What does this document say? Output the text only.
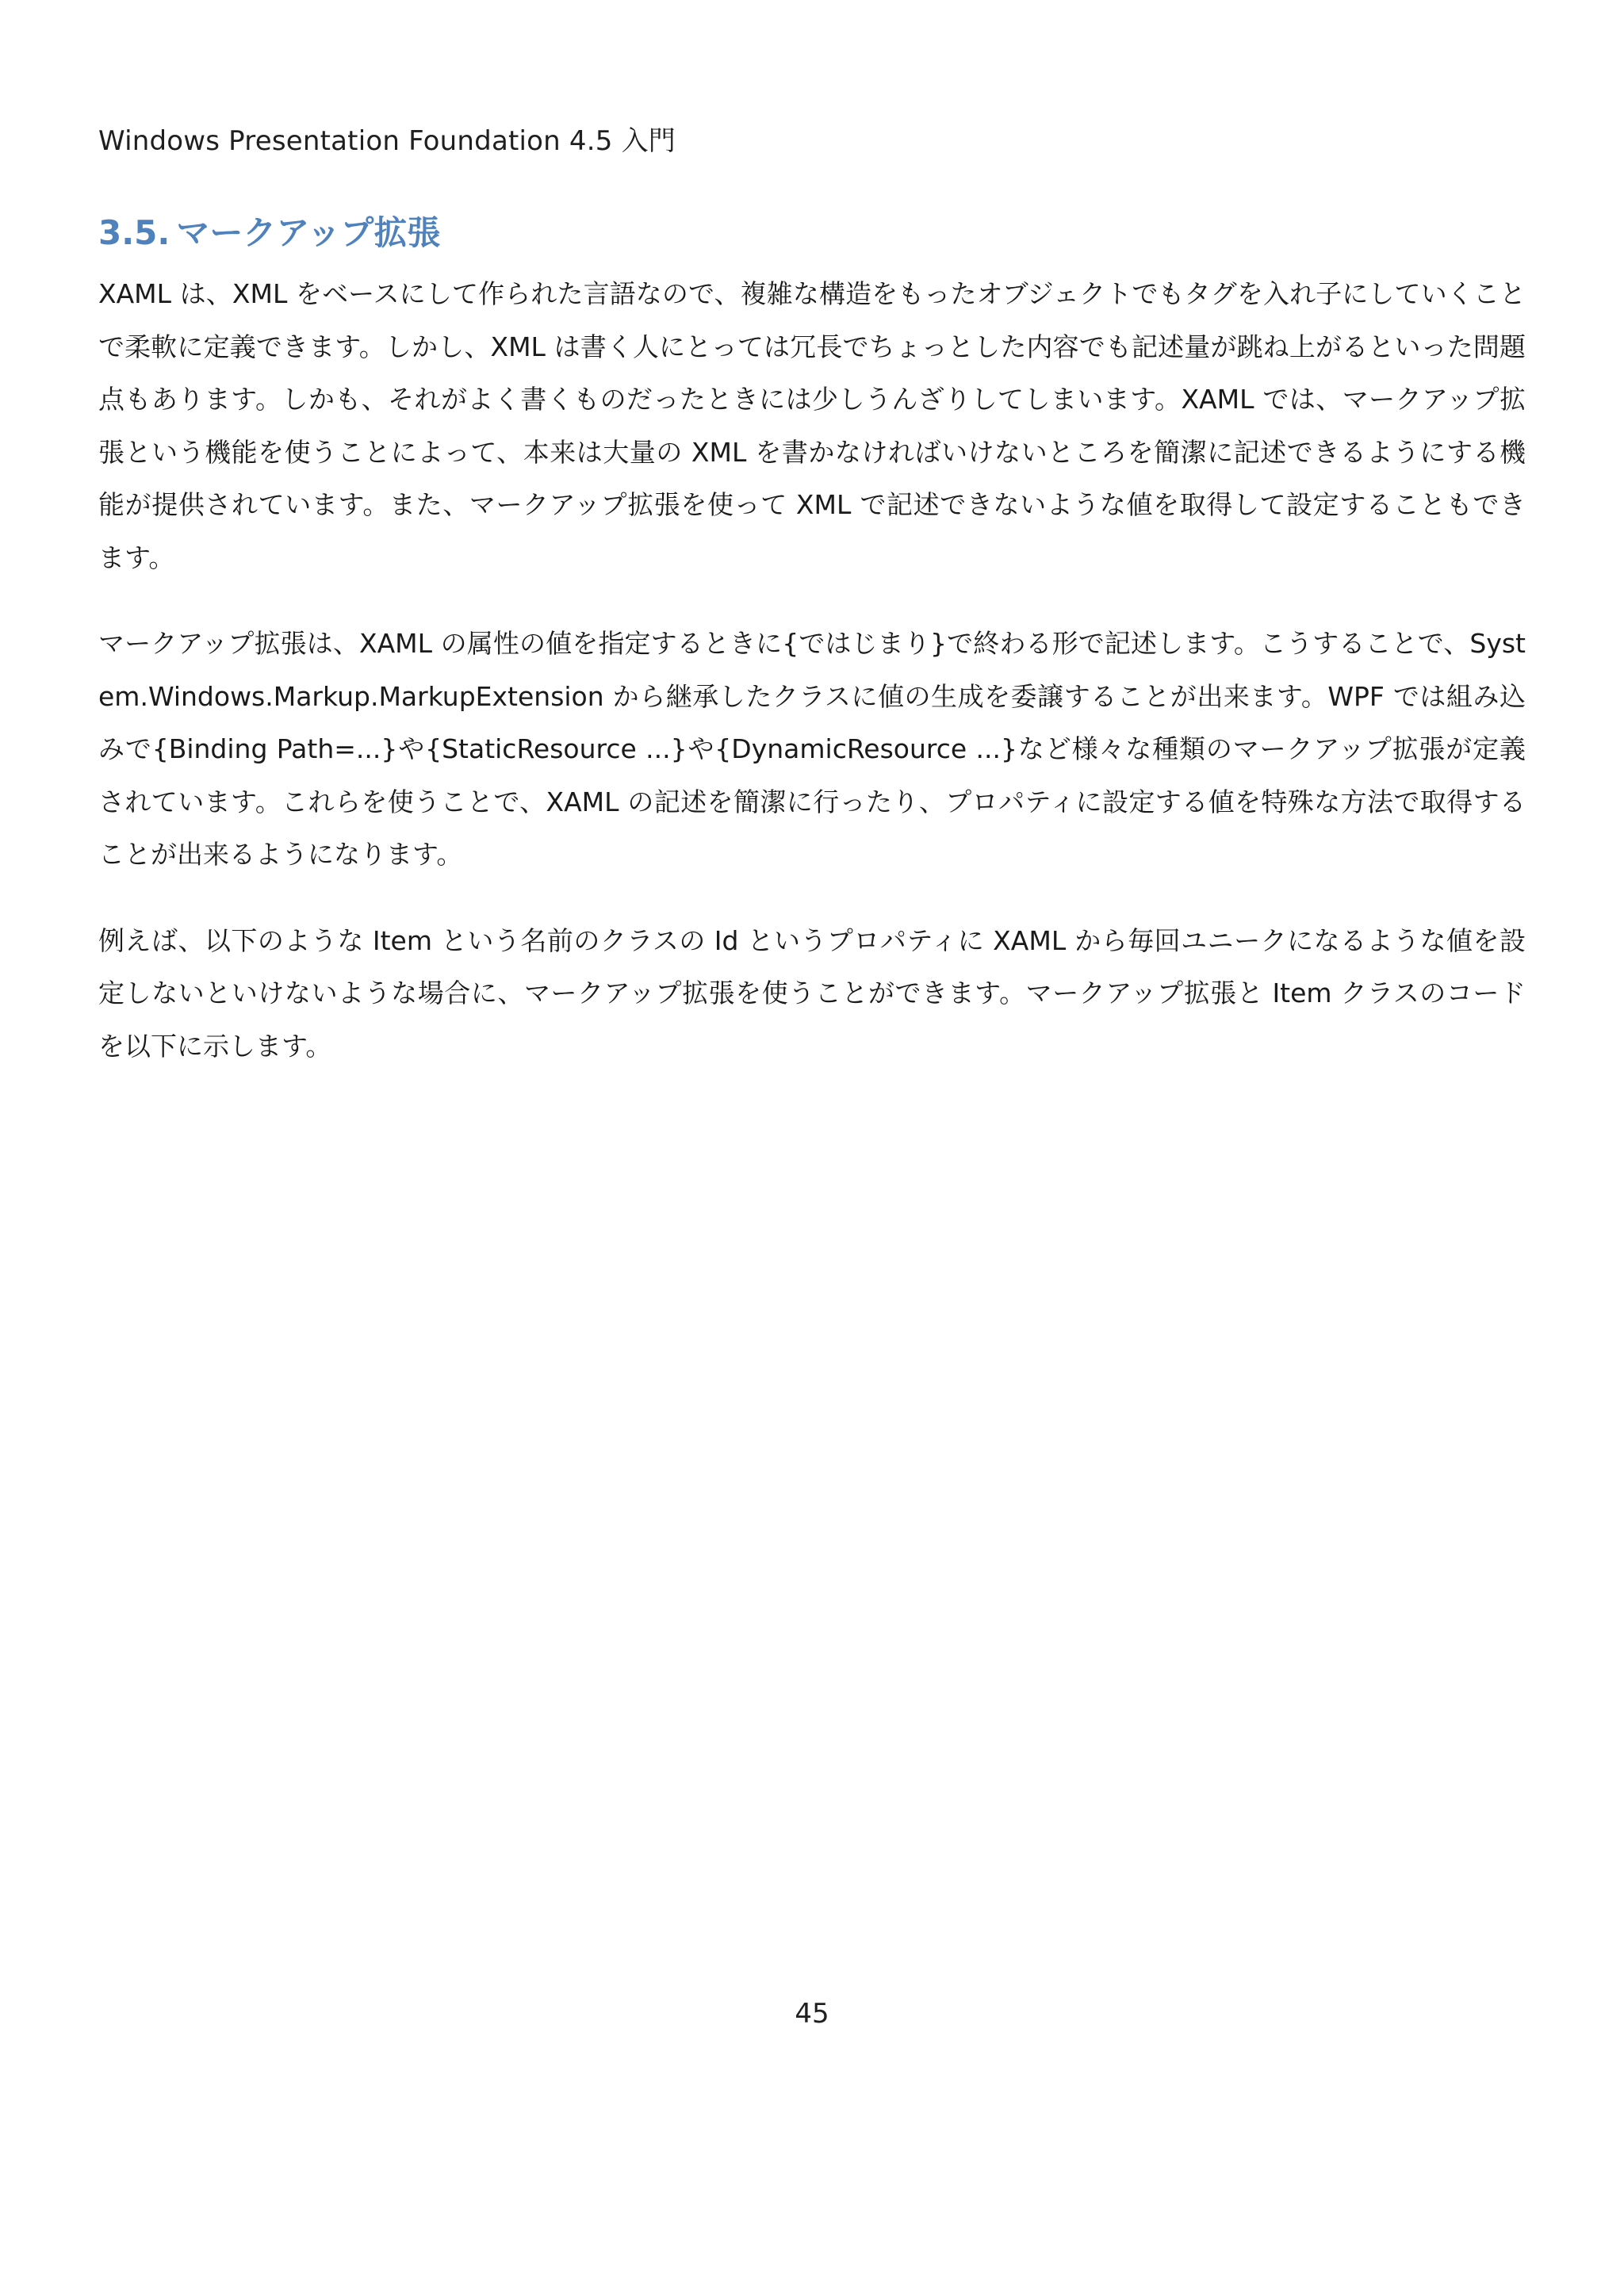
Windows Presentation Foundation 4.5 入門
3.5. マークアップ拡張

XAML は、XML をベースにして作られた言語なので、複雑な構造をもったオブジェクトでもタグを入れ子にしていくことで柔軟に定義できます。しかし、XML は書く人にとっては冗長でちょっとした内容でも記述量が跳ね上がるといった問題点もあります。しかも、それがよく書くものだったときには少しうんざりしてしまいます。XAML では、マークアップ拡張という機能を使うことによって、本来は大量の XML を書かなければいけないところを簡潔に記述できるようにする機能が提供されています。また、マークアップ拡張を使って XML で記述できないような値を取得して設定することもできます。

マークアップ拡張は、XAML の属性の値を指定するときに{ではじまり}で終わる形で記述します。こうすることで、System.Windows.Markup.MarkupExtension から継承したクラスに値の生成を委譲することが出来ます。WPF では組み込みで{Binding Path=...}や{StaticResource ...}や{DynamicResource ...}など様々な種類のマークアップ拡張が定義されています。これらを使うことで、XAML の記述を簡潔に行ったり、プロパティに設定する値を特殊な方法で取得することが出来るようになります。

例えば、以下のような Item という名前のクラスの Id というプロパティに XAML から毎回ユニークになるような値を設定しないといけないような場合に、マークアップ拡張を使うことができます。マークアップ拡張と Item クラスのコードを以下に示します。

45
